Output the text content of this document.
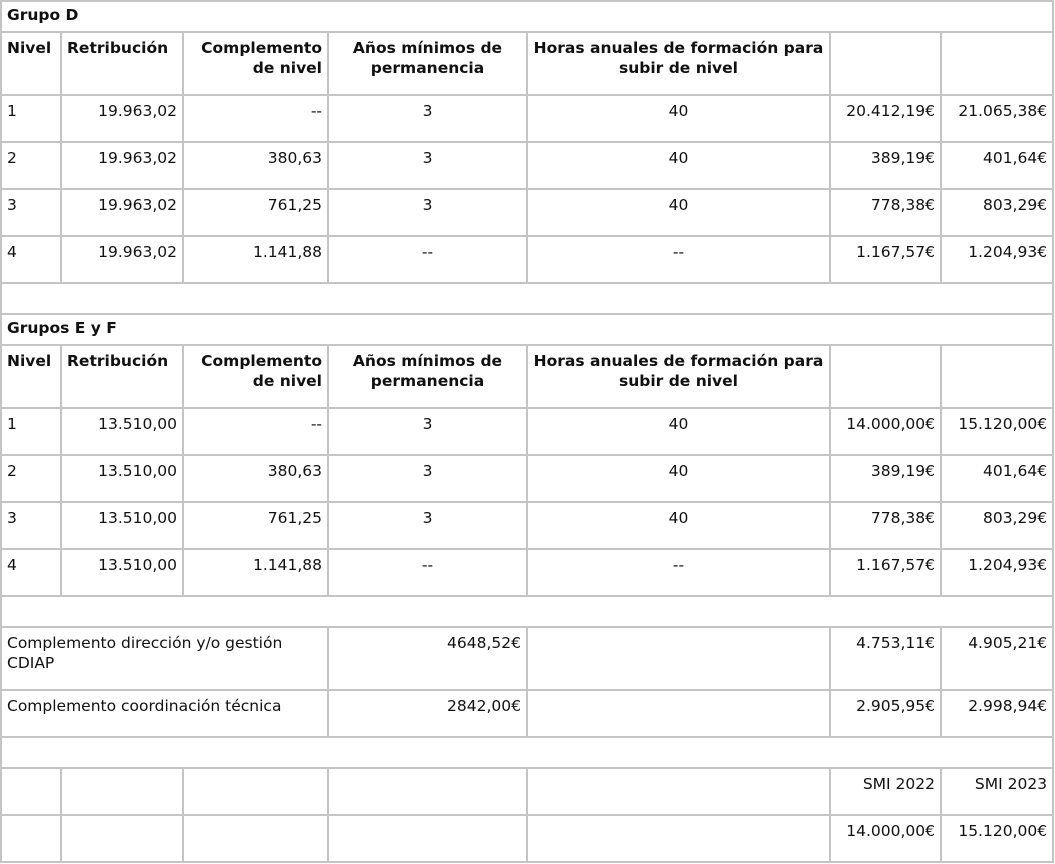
Grupo D						
Nivel	Retribución	Complemento de nivel	Años mínimos de permanencia	Horas anuales de formación para subir de nivel		
1	19.963,02	--	3	40	20.412,19€	21.065,38€
2	19.963,02	380,63	3	40	389,19€	401,64€
3	19.963,02	761,25	3	40	778,38€	803,29€
4	19.963,02	1.141,88	--	--	1.167,57€	1.204,93€

Grupos E y F						
Nivel	Retribución	Complemento de nivel	Años mínimos de permanencia	Horas anuales de formación para subir de nivel		
1	13.510,00	--	3	40	14.000,00€	15.120,00€
2	13.510,00	380,63	3	40	389,19€	401,64€
3	13.510,00	761,25	3	40	778,38€	803,29€
4	13.510,00	1.141,88	--	--	1.167,57€	1.204,93€

Complemento dirección y/o gestión CDIAP			4648,52€		4.753,11€	4.905,21€
Complemento coordinación técnica			2842,00€		2.905,95€	2.998,94€

					SMI 2022	SMI 2023
					14.000,00€	15.120,00€
